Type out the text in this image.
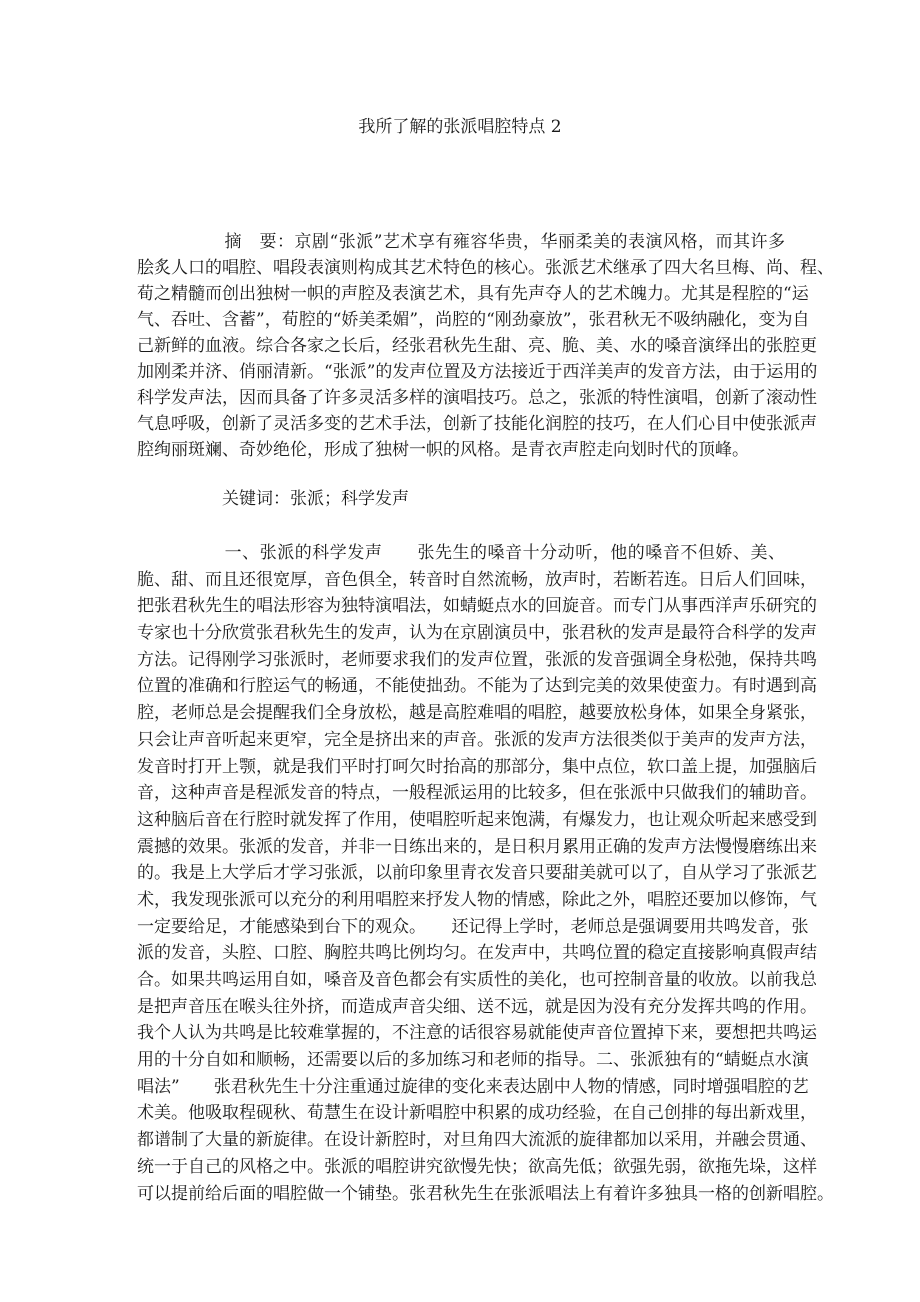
我所了解的张派唱腔特点 2
　　　　　摘　要：京剧“张派”艺术享有雍容华贵，华丽柔美的表演风格，而其许多
脍炙人口的唱腔、唱段表演则构成其艺术特色的核心。张派艺术继承了四大名旦梅、尚、程、
荀之精髓而创出独树一帜的声腔及表演艺术，具有先声夺人的艺术魄力。尤其是程腔的“运
气、吞吐、含蓄”，荀腔的“娇美柔媚”，尚腔的“刚劲豪放”，张君秋无不吸纳融化，变为自
己新鲜的血液。综合各家之长后，经张君秋先生甜、亮、脆、美、水的嗓音演绎出的张腔更
加刚柔并济、俏丽清新。“张派”的发声位置及方法接近于西洋美声的发音方法，由于运用的
科学发声法，因而具备了许多灵活多样的演唱技巧。总之，张派的特性演唱，创新了滚动性
气息呼吸，创新了灵活多变的艺术手法，创新了技能化润腔的技巧，在人们心目中使张派声
腔绚丽斑斓、奇妙绝伦，形成了独树一帜的风格。是青衣声腔走向划时代的顶峰。
　　　　　关键词：张派；科学发声
　　　　　一、张派的科学发声　　张先生的嗓音十分动听，他的嗓音不但娇、美、
脆、甜、而且还很宽厚，音色俱全，转音时自然流畅，放声时，若断若连。日后人们回味，
把张君秋先生的唱法形容为独特演唱法，如蜻蜓点水的回旋音。而专门从事西洋声乐研究的
专家也十分欣赏张君秋先生的发声，认为在京剧演员中，张君秋的发声是最符合科学的发声
方法。记得刚学习张派时，老师要求我们的发声位置，张派的发音强调全身松弛，保持共鸣
位置的准确和行腔运气的畅通，不能使拙劲。不能为了达到完美的效果使蛮力。有时遇到高
腔，老师总是会提醒我们全身放松，越是高腔难唱的唱腔，越要放松身体，如果全身紧张，
只会让声音听起来更窄，完全是挤出来的声音。张派的发声方法很类似于美声的发声方法，
发音时打开上颚，就是我们平时打呵欠时抬高的那部分，集中点位，软口盖上提，加强脑后
音，这种声音是程派发音的特点，一般程派运用的比较多，但在张派中只做我们的辅助音。
这种脑后音在行腔时就发挥了作用，使唱腔听起来饱满，有爆发力，也让观众听起来感受到
震撼的效果。张派的发音，并非一日练出来的，是日积月累用正确的发声方法慢慢磨练出来
的。我是上大学后才学习张派，以前印象里青衣发音只要甜美就可以了，自从学习了张派艺
术，我发现张派可以充分的利用唱腔来抒发人物的情感，除此之外，唱腔还要加以修饰，气
一定要给足，才能感染到台下的观众。　　还记得上学时，老师总是强调要用共鸣发音，张
派的发音，头腔、口腔、胸腔共鸣比例均匀。在发声中，共鸣位置的稳定直接影响真假声结
合。如果共鸣运用自如，嗓音及音色都会有实质性的美化，也可控制音量的收放。以前我总
是把声音压在喉头往外挤，而造成声音尖细、送不远，就是因为没有充分发挥共鸣的作用。
我个人认为共鸣是比较难掌握的，不注意的话很容易就能使声音位置掉下来，要想把共鸣运
用的十分自如和顺畅，还需要以后的多加练习和老师的指导。二、张派独有的“蜻蜓点水演
唱法”　　张君秋先生十分注重通过旋律的变化来表达剧中人物的情感，同时增强唱腔的艺
术美。他吸取程砚秋、荀慧生在设计新唱腔中积累的成功经验，在自己创排的每出新戏里，
都谱制了大量的新旋律。在设计新腔时，对旦角四大流派的旋律都加以采用，并融会贯通、
统一于自己的风格之中。张派的唱腔讲究欲慢先快；欲高先低；欲强先弱，欲拖先垛，这样
可以提前给后面的唱腔做一个铺垫。张君秋先生在张派唱法上有着许多独具一格的创新唱腔。
